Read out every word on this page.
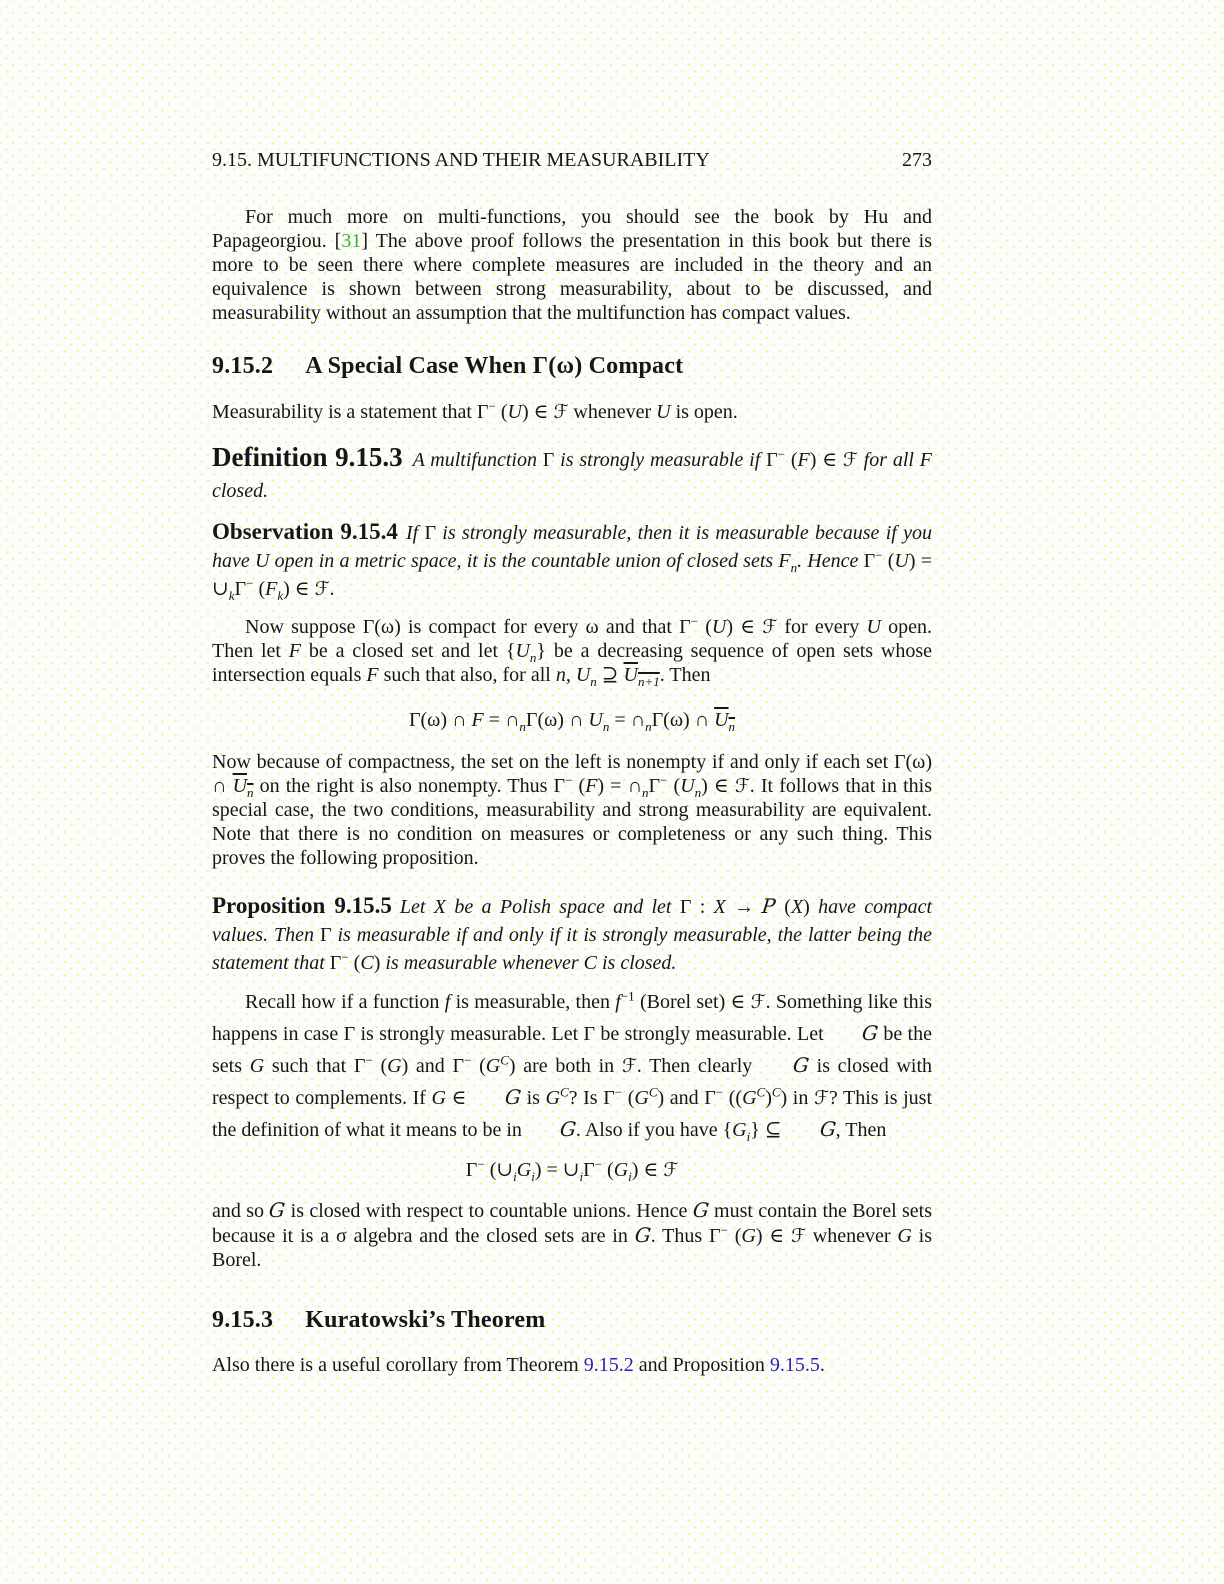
9.15. MULTIFUNCTIONS AND THEIR MEASURABILITY	273

For much more on multi-functions, you should see the book by Hu and Papageorgiou. [31] The above proof follows the presentation in this book but there is more to be seen there where complete measures are included in the theory and an equivalence is shown between strong measurability, about to be discussed, and measurability without an assumption that the multifunction has compact values.

9.15.2 A Special Case When Γ(ω) Compact

Measurability is a statement that Γ− (U) ∈ ℱ whenever U is open.

Definition 9.15.3 A multifunction Γ is strongly measurable if Γ− (F) ∈ ℱ for all F closed.

Observation 9.15.4 If Γ is strongly measurable, then it is measurable because if you have U open in a metric space, it is the countable union of closed sets $F_n$. Hence Γ− $(U) = \cup_k\Gamma^-$ $(F_k)$ ∈ ℱ.

Now suppose Γ(ω) is compact for every ω and that Γ− (U) ∈ ℱ for every U open. Then let F be a closed set and let $\{U_n\}$ be a decreasing sequence of open sets whose intersection equals F such that also, for all n, $U_n$ ⊇ $U_{n+1}$. Then

Γ(ω) ∩ $F = \cap_n\Gamma(\omega)$ ∩ $U_n$ = $\cap_n\Gamma(\omega)$ ∩ $U_n$

Now because of compactness, the set on the left is nonempty if and only if each set Γ(ω) ∩ $U_n$ on the right is also nonempty. Thus Γ− $(F) = \cap_n\Gamma^-$ $(U_n)$ ∈ ℱ. It follows that in this special case, the two conditions, measurability and strong measurability are equivalent. Note that there is no condition on measures or completeness or any such thing. This proves the following proposition.

Proposition 9.15.5 Let X be a Polish space and let Γ : X → P (X) have compact values. Then Γ is measurable if and only if it is strongly measurable, the latter being the statement that Γ− (C) is measurable whenever C is closed.

Recall how if a function f is measurable, then $f^{-1}$ (Borel set) ∈ ℱ. Something like this happens in case Γ is strongly measurable. Let Γ be strongly measurable. Let G be the sets G such that Γ− (G) and Γ− $(G^C)$ are both in ℱ. Then clearly G is closed with respect to complements. If G ∈ G is $G^C$? Is Γ− $(G^C)$ and Γ− $((G^C)^C)$ in ℱ? This is just the definition of what it means to be in G. Also if you have $\{G_i\}$ ⊆ G, Then

Γ− $(\cup_iG_i)$ = $\cup_i\Gamma^-$ $(G_i)$ ∈ ℱ

and so G is closed with respect to countable unions. Hence G must contain the Borel sets because it is a σ algebra and the closed sets are in G. Thus Γ− (G) ∈ ℱ whenever G is Borel.

9.15.3 Kuratowski’s Theorem

Also there is a useful corollary from Theorem 9.15.2 and Proposition 9.15.5.
